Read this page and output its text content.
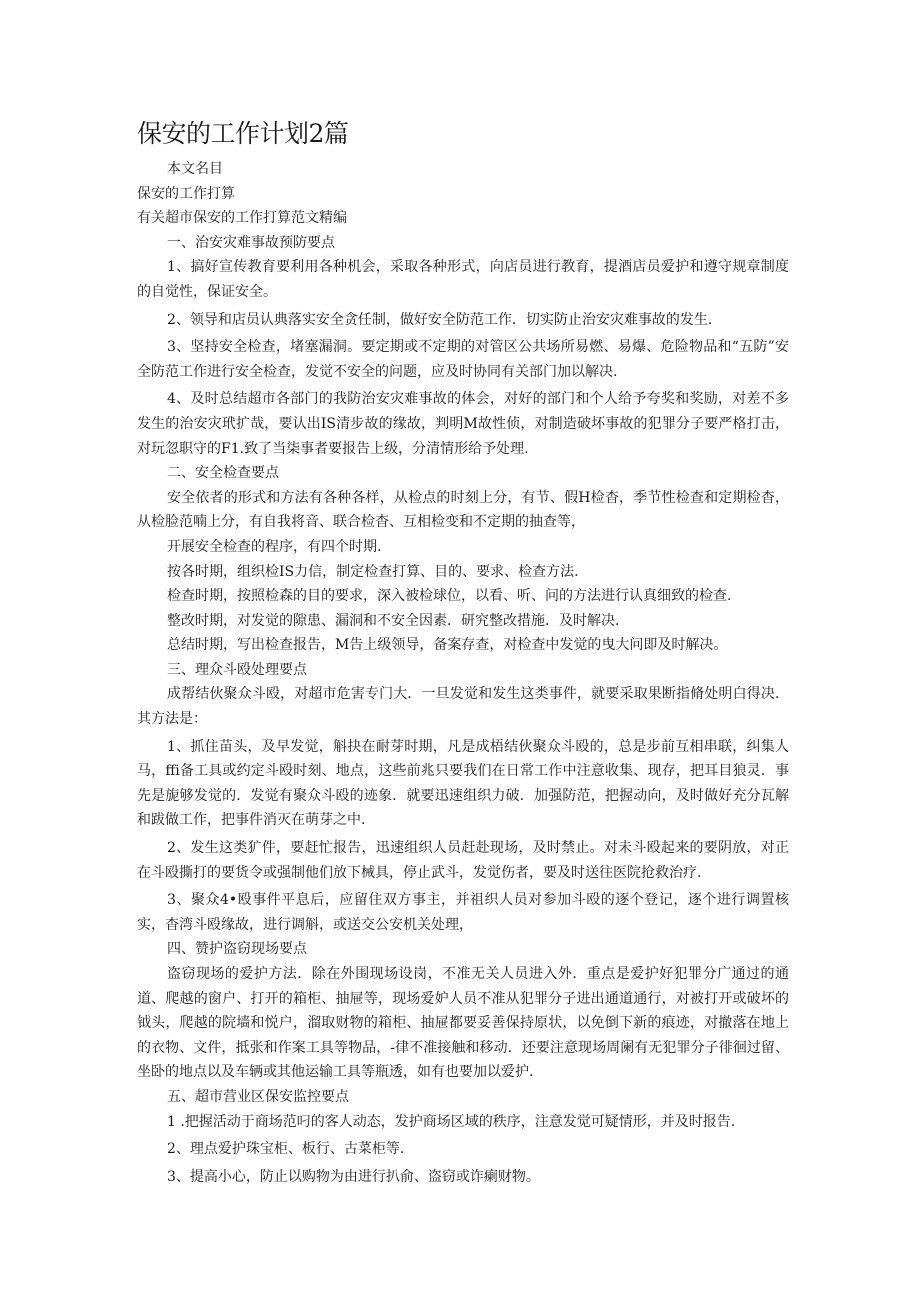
保安的工作计划2篇

本文名目

保安的工作打算

有关超市保安的工作打算范文精编

一、治安灾难事故预防要点

1、搞好宣传教育要利用各种机会，采取各种形式，向店员进行教育，提酒店员爱护和遵守规章制度的自觉性，保证安全。

2、领导和店员认典落实安全贪任制，做好安全防范工作．切实防止治安灾难事故的发生.

3、坚持安全检查，堵塞漏洞。要定期或不定期的对管区公共场所易燃、易爆、危险物品和“五防”安全防范工作进行安全检查，发觉不安全的问题，应及时协同有关部门加以解决.

4、及时总结超市各部门的我防治安灾难事故的体会，对好的部门和个人给予夸奖和奖励，对差不多发生的治安灾玳扩哉，要认出IS清步故的缘故，判明M故性侦，对制造破坏事故的犯罪分子要严格打击，对玩忽职守的F1.致了当柒事者要报告上级，分清情形给予处理.

二、安全检查要点

安全依者的形式和方法有各种各样，从检点的时刻上分，有节、假H检杳，季节性检查和定期检杳，从检脸范喃上分，有自我将音、联合检杳、互相检变和不定期的抽查等，

开展安全检查的程序，有四个时期.

按各时期，组织检IS力信，制定检查打算、目的、要求、检查方法.

检查时期，按照检森的目的要求，深入被检球位，以看、听、问的方法进行认真细致的检查.

整改时期，对发觉的隙患、漏洞和不安全因素．研究整改措施．及时解决.

总结时期，写出检查报告，M告上级领导，备案存查，对检查中发觉的曳大问即及时解决。

三、理众斗殴处理要点

成帮结伙聚众斗殴，对超市危害专门大．一旦发觉和发生这类事件，就要采取果断指脩处明白得决．其方法是：

1、抓住苗头，及早发觉，斛抉在耐芽时期，凡是成梧结伙聚众斗殴的，总是步前互相串联，纠集人马，ffi备工具或约定斗殴时刻、地点，这些前兆只要我们在日常工作中注意收集、现存，把耳目狼灵．事先是旎够发觉的．发觉有聚众斗殴的迹象．就要迅速组织力破．加强防范，把握动向，及时做好充分瓦解和跋做工作，把事件消灭在萌芽之中.

2、发生这类犷件，要赶忙报告，迅速组织人员赶赴现场，及时禁止。对未斗殴起来的要阴放，对正在斗殴撕打的要货令或强制他们放下械具，停止武斗，发觉伤者，要及时送往医院抢救治疗.

3、聚众4•殴事件平息后，应留住双方事主，并祖织人员对参加斗殴的逐个登记，逐个进行调置核实，杳湾斗殴缘故，进行调斛，或送交公安机关处理，

四、赞护盗窃现场要点

盗窃现场的爱护方法．除在外围现场设岗，不准无关人员进入外．重点是爱护好犯罪分广通过的通道、爬越的窗户、打开的箱柜、抽屉等，现场爱妒人员不准从犯罪分子进出通道通行，对被打开或破坏的钺头，爬越的院墙和悦户，溜取财物的箱柜、抽屉都要妥善保持原状，以免倒下新的痕迹，对撤落在地上的衣物、文件，抵张和作案工具等物品，-律不准接触和移动．还要注意现场周阑有无犯罪分子徘徊过留、坐卧的地点以及车辆或其他运输工具等瓶透，如有也要加以爱护.

五、超市营业区保安监控要点

1 .把握活动于商场范叼的客人动态，发护商场区域的秩序，注意发觉可疑情形，并及时报告.

2、理点爱护珠宝柜、板行、古菜柜等.

3、提高小心，防止以购物为由进行扒俞、盗窃或诈瘌财物。
